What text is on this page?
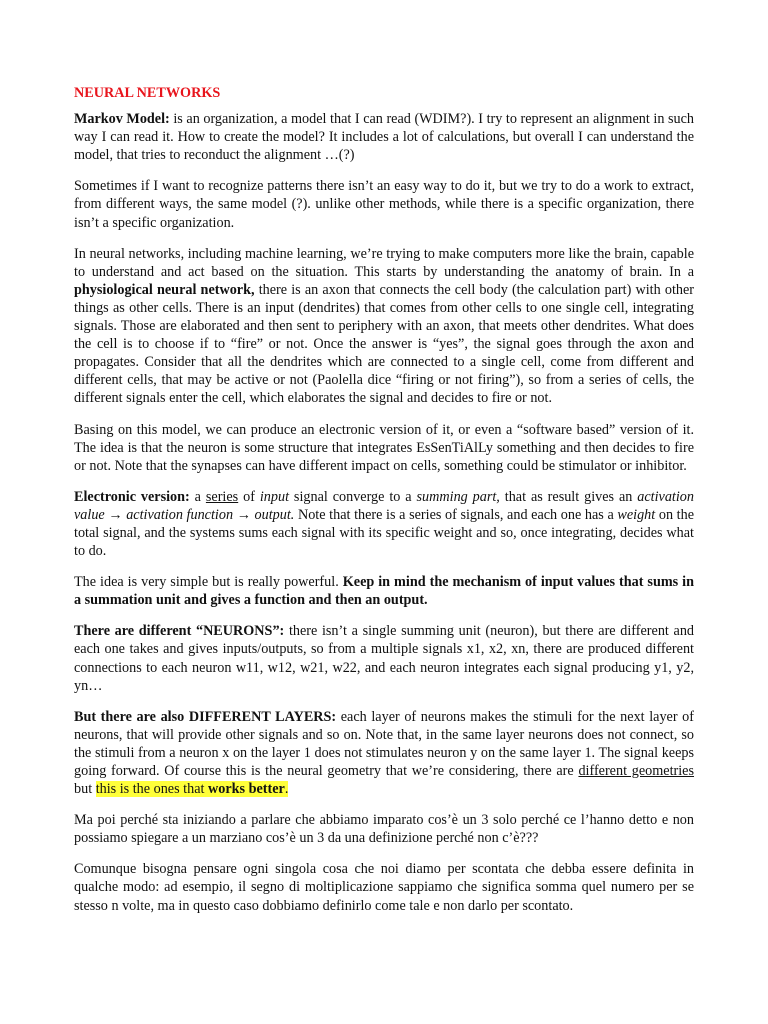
NEURAL NETWORKS

Markov Model: is an organization, a model that I can read (WDIM?). I try to represent an alignment in such way I can read it. How to create the model? It includes a lot of calculations, but overall I can understand the model, that tries to reconduct the alignment …(?)

Sometimes if I want to recognize patterns there isn’t an easy way to do it, but we try to do a work to extract, from different ways, the same model (?). unlike other methods, while there is a specific organization, there isn’t a specific organization.

In neural networks, including machine learning, we’re trying to make computers more like the brain, capable to understand and act based on the situation. This starts by understanding the anatomy of brain. In a physiological neural network, there is an axon that connects the cell body (the calculation part) with other things as other cells. There is an input (dendrites) that comes from other cells to one single cell, integrating signals. Those are elaborated and then sent to periphery with an axon, that meets other dendrites. What does the cell is to choose if to “fire” or not. Once the answer is “yes”, the signal goes through the axon and propagates. Consider that all the dendrites which are connected to a single cell, come from different and different cells, that may be active or not (Paolella dice “firing or not firing”), so from a series of cells, the different signals enter the cell, which elaborates the signal and decides to fire or not.

Basing on this model, we can produce an electronic version of it, or even a “software based” version of it. The idea is that the neuron is some structure that integrates EsSenTiAlLy something and then decides to fire or not. Note that the synapses can have different impact on cells, something could be stimulator or inhibitor.

Electronic version: a series of input signal converge to a summing part, that as result gives an activation value → activation function → output. Note that there is a series of signals, and each one has a weight on the total signal, and the systems sums each signal with its specific weight and so, once integrating, decides what to do.

The idea is very simple but is really powerful. Keep in mind the mechanism of input values that sums in a summation unit and gives a function and then an output.

There are different “NEURONS”: there isn’t a single summing unit (neuron), but there are different and each one takes and gives inputs/outputs, so from a multiple signals x1, x2, xn, there are produced different connections to each neuron w11, w12, w21, w22, and each neuron integrates each signal producing y1, y2, yn…

But there are also DIFFERENT LAYERS: each layer of neurons makes the stimuli for the next layer of neurons, that will provide other signals and so on. Note that, in the same layer neurons does not connect, so the stimuli from a neuron x on the layer 1 does not stimulates neuron y on the same layer 1. The signal keeps going forward. Of course this is the neural geometry that we’re considering, there are different geometries but this is the ones that works better.

Ma poi perché sta iniziando a parlare che abbiamo imparato cos’è un 3 solo perché ce l’hanno detto e non possiamo spiegare a un marziano cos’è un 3 da una definizione perché non c’è???

Comunque bisogna pensare ogni singola cosa che noi diamo per scontata che debba essere definita in qualche modo: ad esempio, il segno di moltiplicazione sappiamo che significa somma quel numero per se stesso n volte, ma in questo caso dobbiamo definirlo come tale e non darlo per scontato.
